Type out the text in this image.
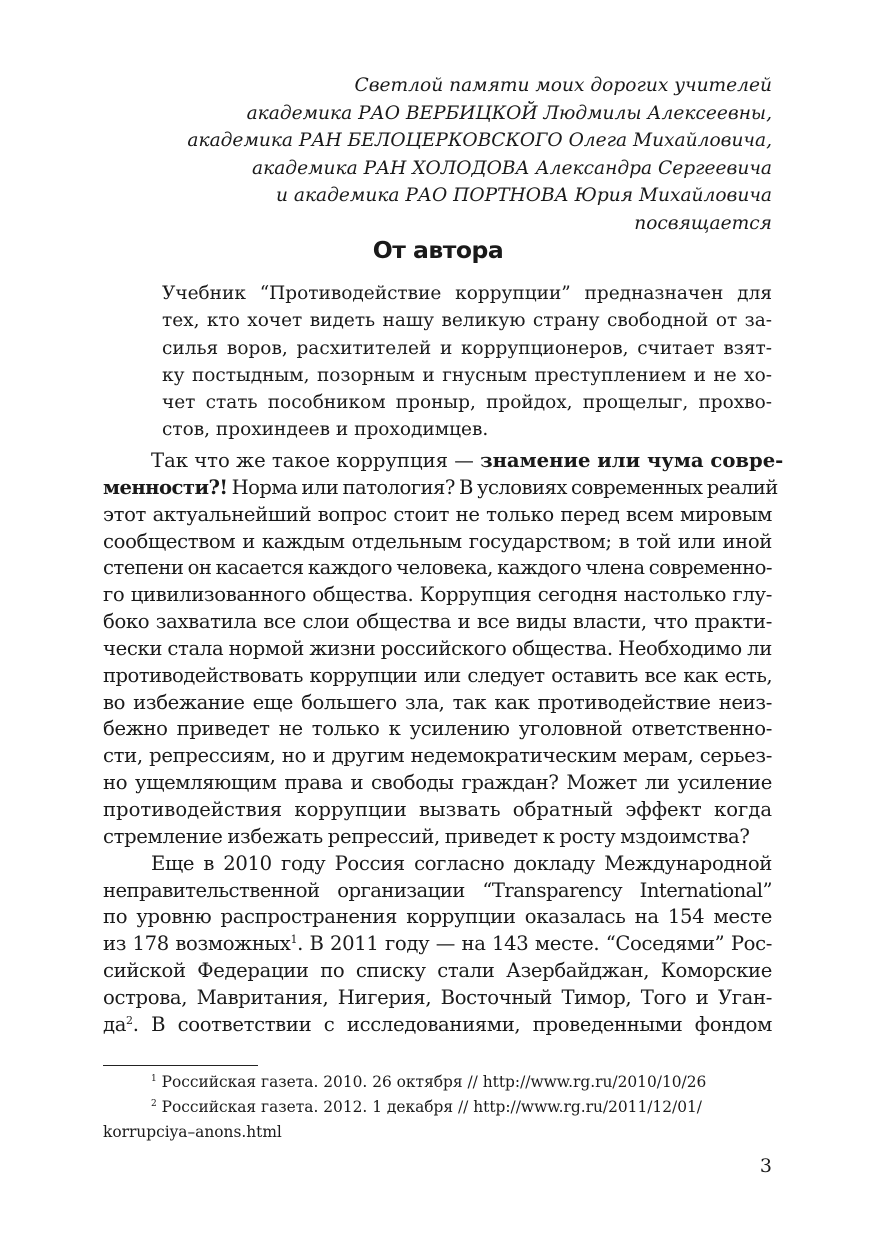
Светлой памяти моих дорогих учителей
академика РАО ВЕРБИЦКОЙ Людмилы Алексеевны,
академика РАН БЕЛОЦЕРКОВСКОГО Олега Михайловича,
академика РАН ХОЛОДОВА Александра Сергеевича
и академика РАО ПОРТНОВА Юрия Михайловича
посвящается
От автора
Учебник “Противодействие коррупции” предназначен для
тех, кто хочет видеть нашу великую страну свободной от за-
силья воров, расхитителей и коррупционеров, считает взят-
ку постыдным, позорным и гнусным преступлением и не хо-
чет стать пособником проныр, пройдох, прощелыг, прохво-
стов, прохиндеев и проходимцев.
Так что же такое коррупция — знамение или чума совре-
менности?! Норма или патология? В условиях современных реалий
этот актуальнейший вопрос стоит не только перед всем мировым
сообществом и каждым отдельным государством; в той или иной
степени он касается каждого человека, каждого члена современно-
го цивилизованного общества. Коррупция сегодня настолько глу-
боко захватила все слои общества и все виды власти, что практи-
чески стала нормой жизни российского общества. Необходимо ли
противодействовать коррупции или следует оставить все как есть,
во избежание еще большего зла, так как противодействие неиз-
бежно приведет не только к усилению уголовной ответственно-
сти, репрессиям, но и другим недемократическим мерам, серьез-
но ущемляющим права и свободы граждан? Может ли усиление
противодействия коррупции вызвать обратный эффект когда
стремление избежать репрессий, приведет к росту мздоимства?
Еще в 2010 году Россия согласно докладу Международной
неправительственной организации “Transparency International”
по уровню распространения коррупции оказалась на 154 месте
из 178 возможных$^1$. В 2011 году — на 143 месте. “Соседями” Рос-
сийской Федерации по списку стали Азербайджан, Коморские
острова, Мавритания, Нигерия, Восточный Тимор, Того и Уган-
$да^2$. В соответствии с исследованиями, проведенными фондом
$^1$ Российская газета. 2010. 26 октября // http://www.rg.ru/2010/10/26
$^2$ Российская газета. 2012. 1 декабря // http://www.rg.ru/2011/12/01/
korrupciya–anons.html
3
